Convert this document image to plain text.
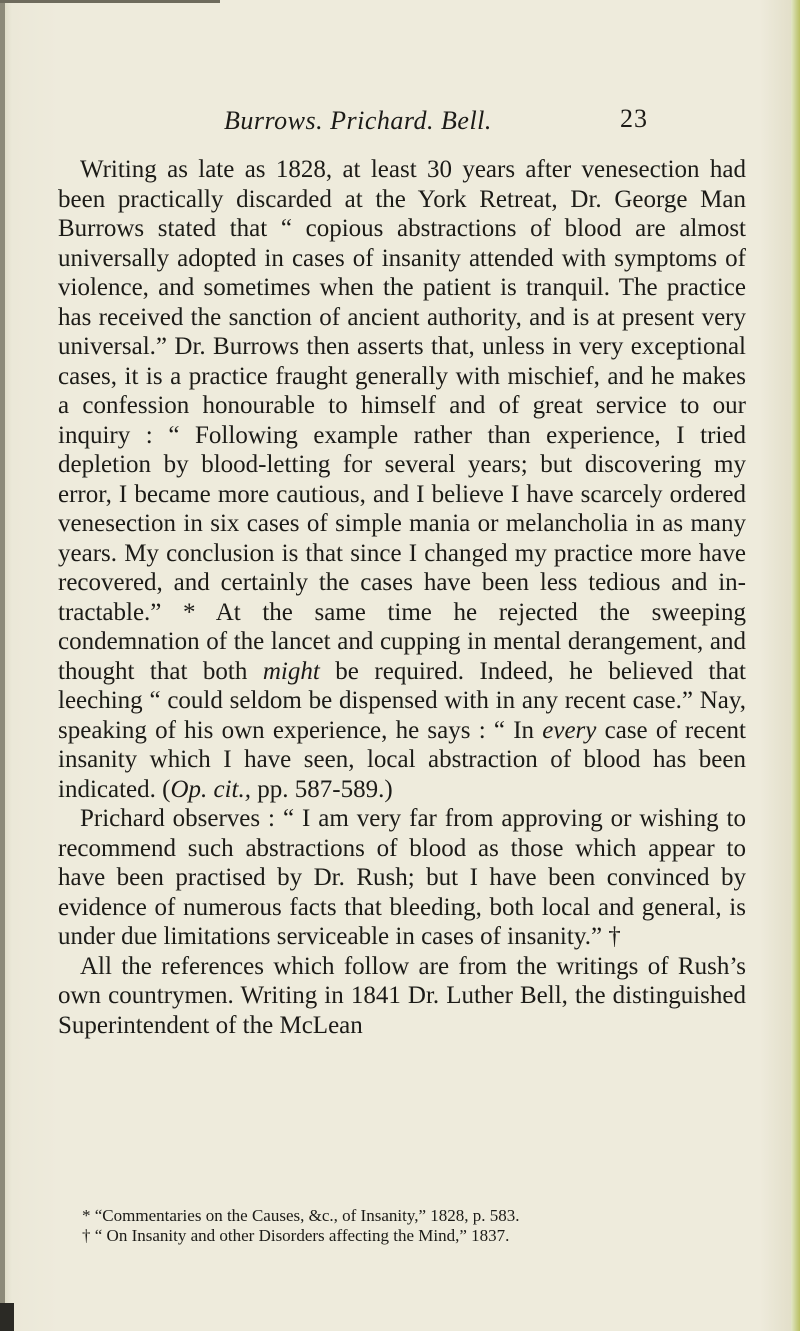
Burrows. Prichard. Bell.	23

Writing as late as 1828, at least 30 years after venesection had been practically discarded at the York Retreat, Dr. George Man Burrows stated that “ copious abstractions of blood are almost universally adopted in cases of insanity attended with symptoms of violence, and sometimes when the patient is tranquil. The practice has received the sanction of ancient authority, and is at present very universal.” Dr. Burrows then asserts that, unless in very exceptional cases, it is a practice fraught generally with mischief, and he makes a confession honourable to himself and of great service to our inquiry : “ Following example rather than experience, I tried depletion by blood-letting for several years; but discovering my error, I became more cautious, and I believe I have scarcely ordered venesection in six cases of simple mania or melancholia in as many years. My conclusion is that since I changed my practice more have recovered, and certainly the cases have been less tedious and intractable.” * At the same time he rejected the sweeping condemnation of the lancet and cupping in mental derangement, and thought that both might be required. Indeed, he believed that leeching “ could seldom be dispensed with in any recent case.” Nay, speaking of his own experience, he says : “ In every case of recent insanity which I have seen, local abstraction of blood has been indicated. (Op. cit., pp. 587-589.)

Prichard observes : “ I am very far from approving or wishing to recommend such abstractions of blood as those which appear to have been practised by Dr. Rush; but I have been convinced by evidence of numerous facts that bleeding, both local and general, is under due limitations serviceable in cases of insanity.” †

All the references which follow are from the writings of Rush’s own countrymen. Writing in 1841 Dr. Luther Bell, the distinguished Superintendent of the McLean

* “Commentaries on the Causes, &c., of Insanity,” 1828, p. 583.

† “ On Insanity and other Disorders affecting the Mind,” 1837.
